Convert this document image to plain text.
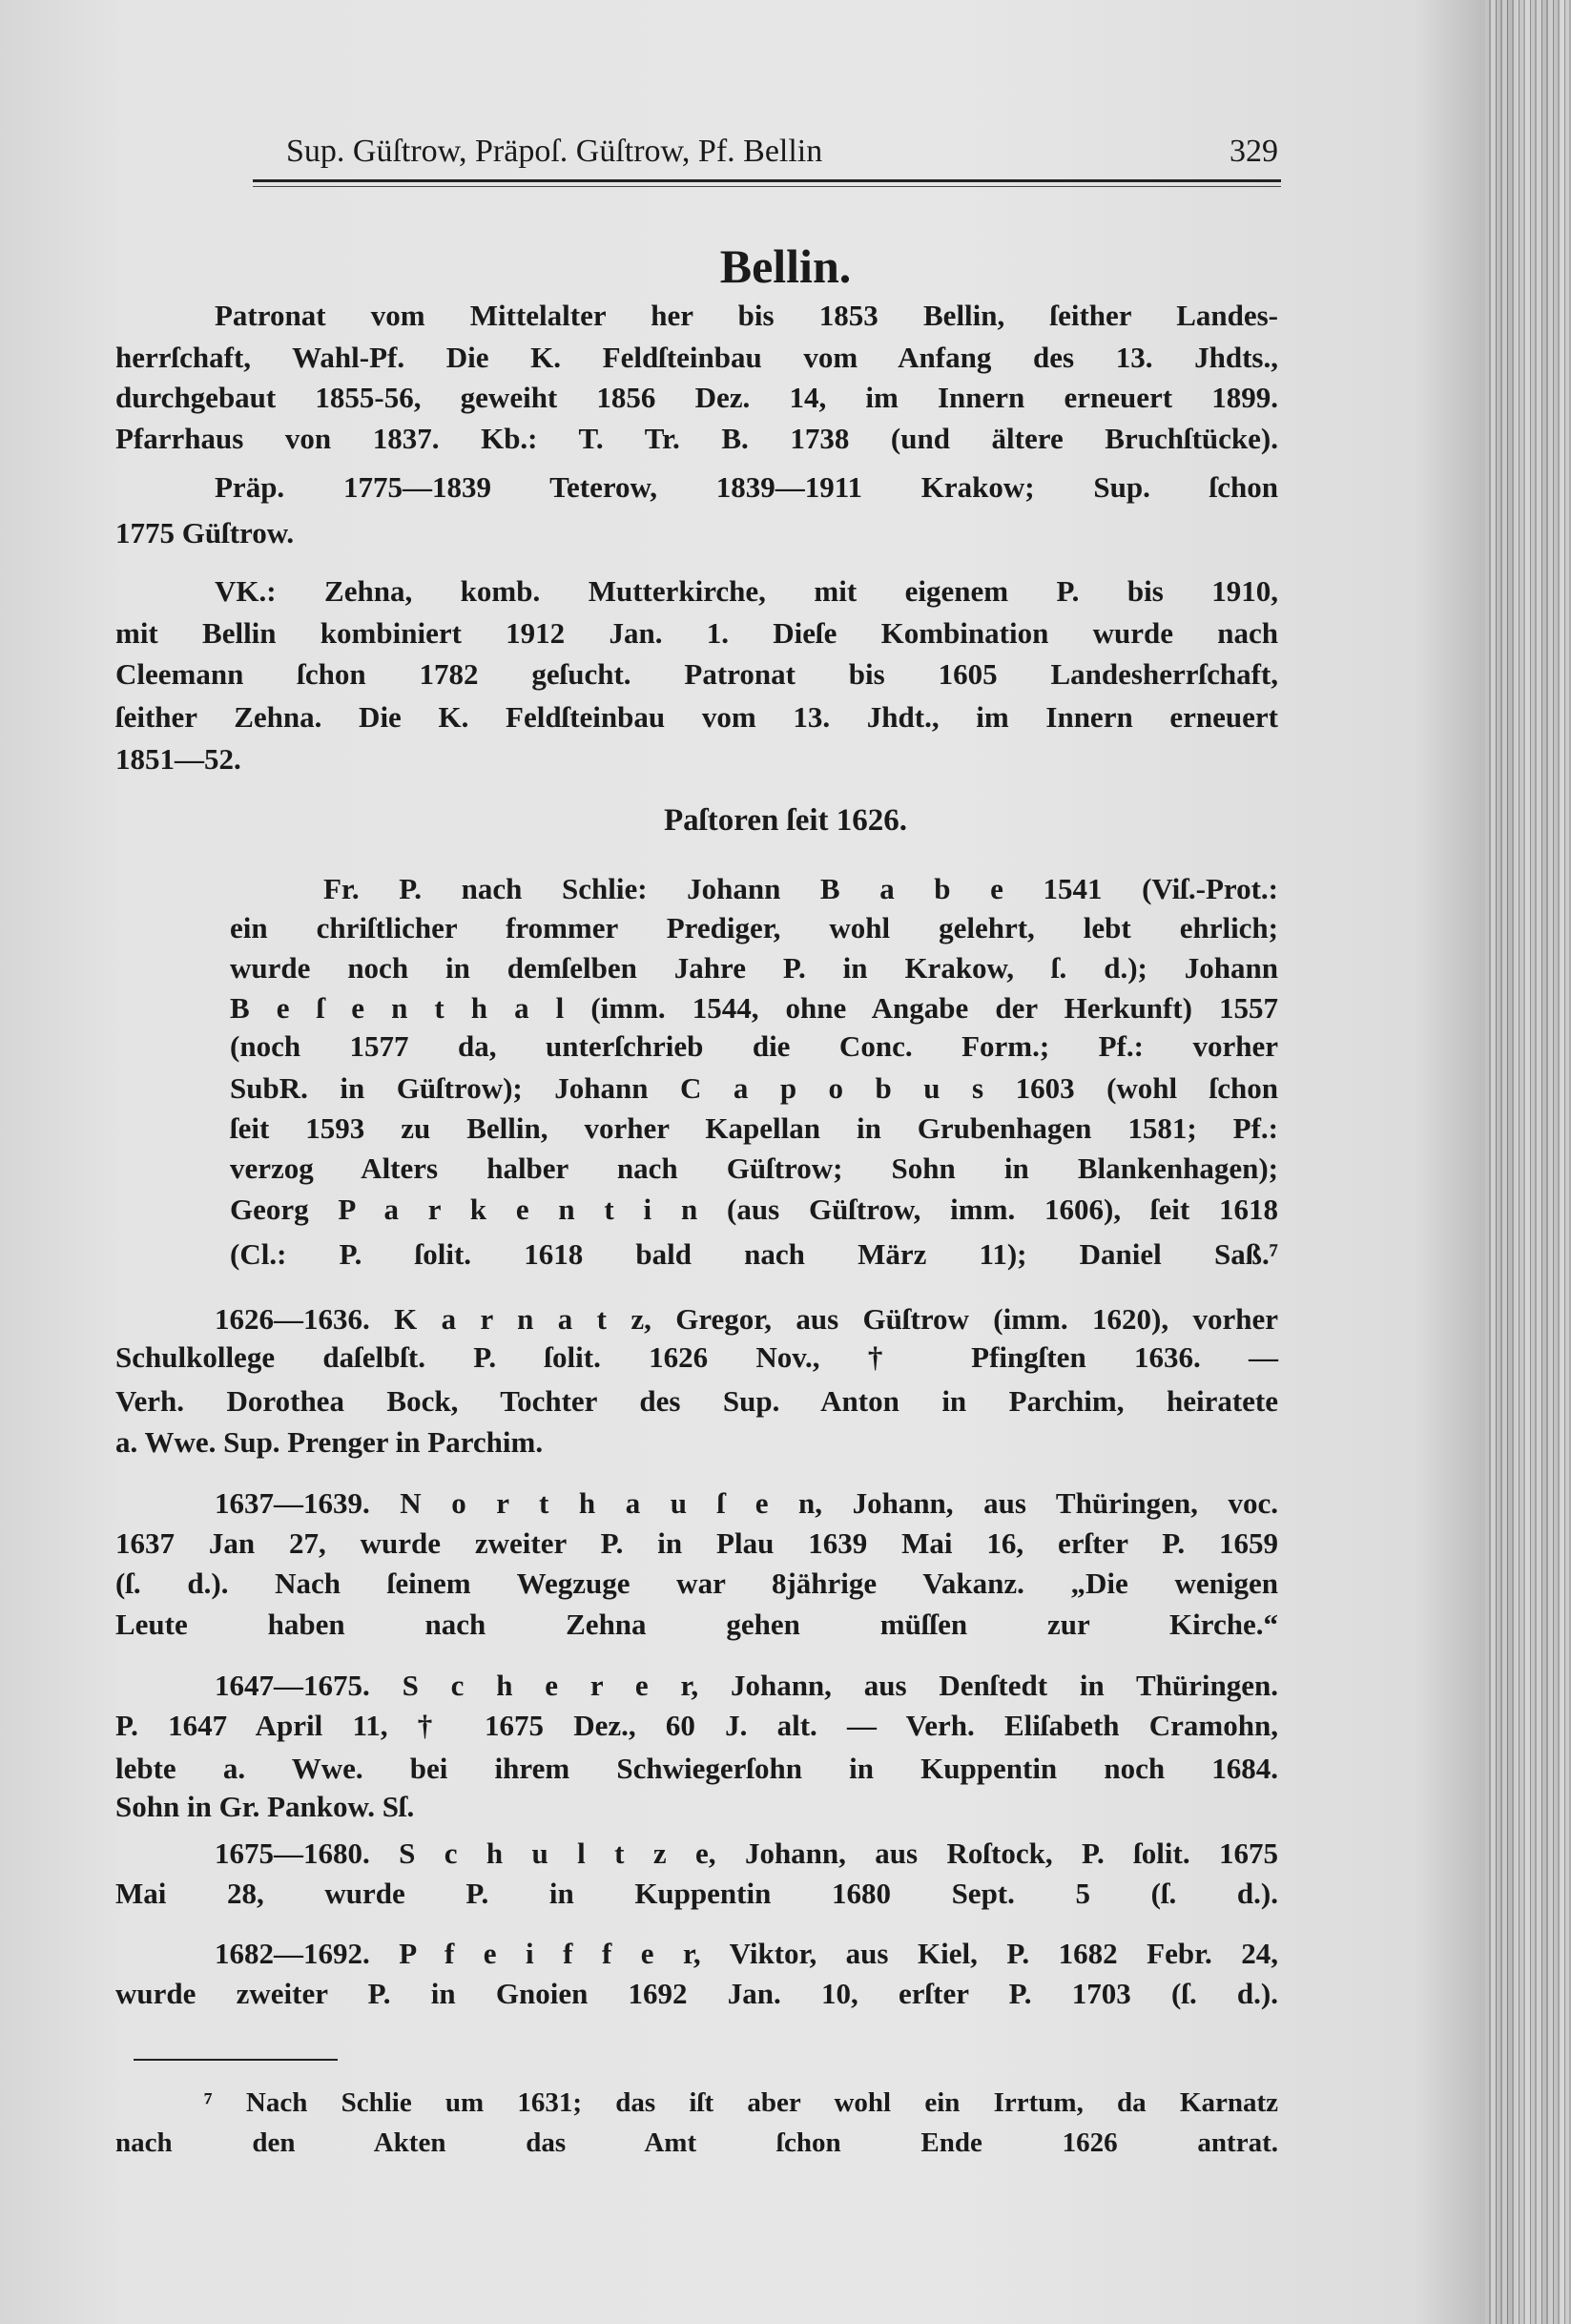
Sup. Güſtrow, Präpoſ. Güſtrow, Pf. Bellin	329
Bellin.
Paſtoren ſeit 1626.
Patronat vom Mittelalter her bis 1853 Bellin, ſeither Landes-
herrſchaft, Wahl-Pf. Die K. Feldſteinbau vom Anfang des 13. Jhdts.,
durchgebaut 1855-56, geweiht 1856 Dez. 14, im Innern erneuert 1899.
Pfarrhaus von 1837. Kb.: T. Tr. B. 1738 (und ältere Bruchſtücke).
Präp. 1775—1839 Teterow, 1839—1911 Krakow; Sup. ſchon
1775 Güſtrow.
VK.: Zehna, komb. Mutterkirche, mit eigenem P. bis 1910,
mit Bellin kombiniert 1912 Jan. 1. Dieſe Kombination wurde nach
Cleemann ſchon 1782 geſucht. Patronat bis 1605 Landesherrſchaft,
ſeither Zehna. Die K. Feldſteinbau vom 13. Jhdt., im Innern erneuert
1851—52.
Fr. P. nach Schlie: Johann B a b e 1541 (Viſ.-Prot.:
ein chriſtlicher frommer Prediger, wohl gelehrt, lebt ehrlich;
wurde noch in demſelben Jahre P. in Krakow, ſ. d.); Johann
B e ſ e n t h a l (imm. 1544, ohne Angabe der Herkunft) 1557
(noch 1577 da, unterſchrieb die Conc. Form.; Pf.: vorher
SubR. in Güſtrow); Johann C a p o b u s 1603 (wohl ſchon
ſeit 1593 zu Bellin, vorher Kapellan in Grubenhagen 1581; Pf.:
verzog Alters halber nach Güſtrow; Sohn in Blankenhagen);
Georg P a r k e n t i n (aus Güſtrow, imm. 1606), ſeit 1618
(Cl.: P. ſolit. 1618 bald nach März 11); Daniel Saß.⁷
1626—1636. K a r n a t z, Gregor, aus Güſtrow (imm. 1620), vorher
Schulkollege daſelbſt. P. ſolit. 1626 Nov., † Pfingſten 1636. —
Verh. Dorothea Bock, Tochter des Sup. Anton in Parchim, heiratete
a. Wwe. Sup. Prenger in Parchim.
1637—1639. N o r t h a u ſ e n, Johann, aus Thüringen, voc.
1637 Jan 27, wurde zweiter P. in Plau 1639 Mai 16, erſter P. 1659
(ſ. d.). Nach ſeinem Wegzuge war 8jährige Vakanz. „Die wenigen
Leute haben nach Zehna gehen müſſen zur Kirche.“
1647—1675. S c h e r e r, Johann, aus Denſtedt in Thüringen.
P. 1647 April 11, † 1675 Dez., 60 J. alt. — Verh. Eliſabeth Cramohn,
lebte a. Wwe. bei ihrem Schwiegerſohn in Kuppentin noch 1684.
Sohn in Gr. Pankow. Sſ.
1675—1680. S c h u l t z e, Johann, aus Roſtock, P. ſolit. 1675
Mai 28, wurde P. in Kuppentin 1680 Sept. 5 (ſ. d.).
1682—1692. P f e i f f e r, Viktor, aus Kiel, P. 1682 Febr. 24,
wurde zweiter P. in Gnoien 1692 Jan. 10, erſter P. 1703 (ſ. d.).
⁷ Nach Schlie um 1631; das iſt aber wohl ein Irrtum, da Karnatz
nach den Akten das Amt ſchon Ende 1626 antrat.
